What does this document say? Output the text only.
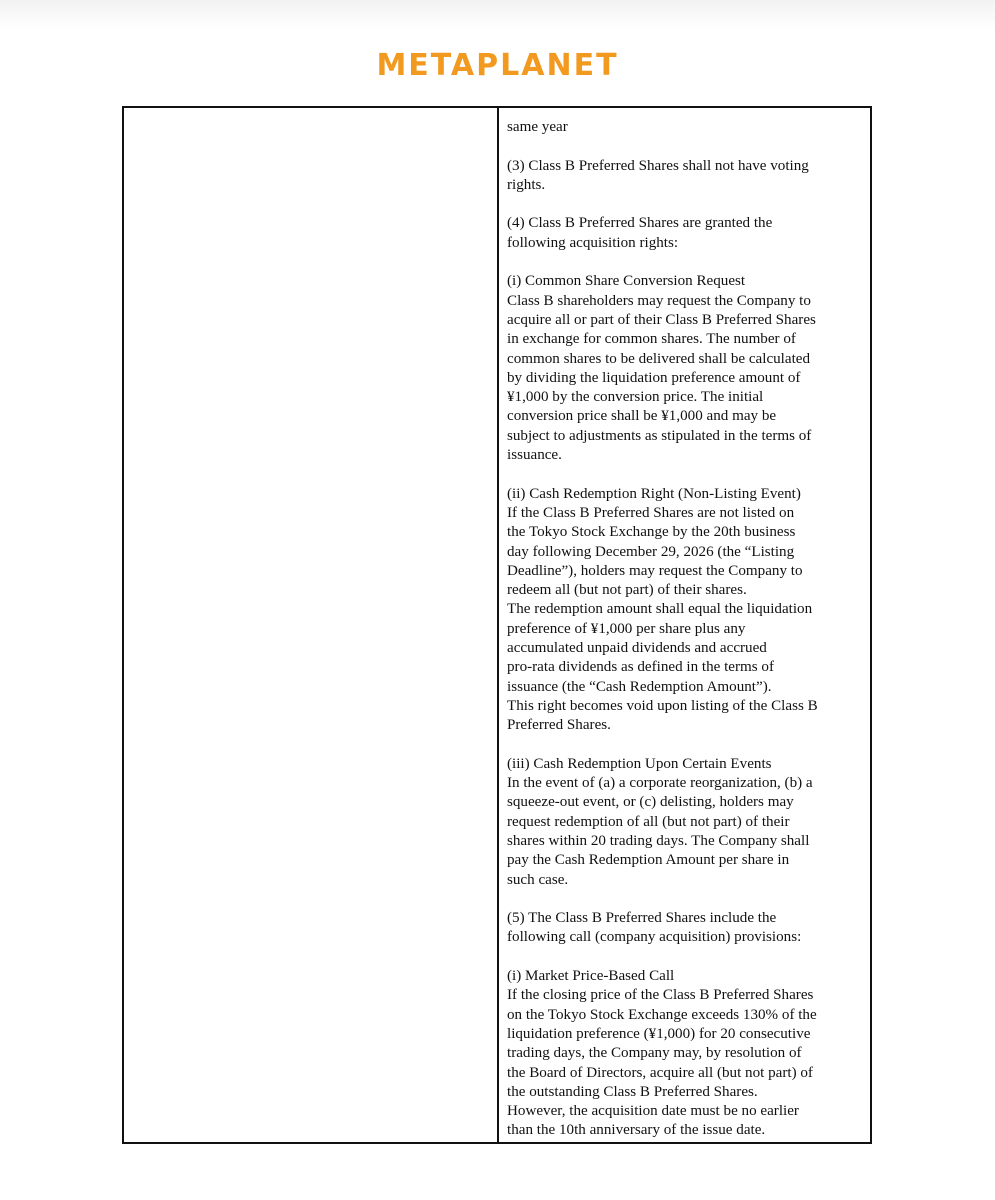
METAPLANET
same year
(3) Class B Preferred Shares shall not have voting
rights.
(4) Class B Preferred Shares are granted the
following acquisition rights:
(i) Common Share Conversion Request
Class B shareholders may request the Company to
acquire all or part of their Class B Preferred Shares
in exchange for common shares. The number of
common shares to be delivered shall be calculated
by dividing the liquidation preference amount of
¥1,000 by the conversion price. The initial
conversion price shall be ¥1,000 and may be
subject to adjustments as stipulated in the terms of
issuance.
(ii) Cash Redemption Right (Non-Listing Event)
If the Class B Preferred Shares are not listed on
the Tokyo Stock Exchange by the 20th business
day following December 29, 2026 (the “Listing
Deadline”), holders may request the Company to
redeem all (but not part) of their shares.
The redemption amount shall equal the liquidation
preference of ¥1,000 per share plus any
accumulated unpaid dividends and accrued
pro-rata dividends as defined in the terms of
issuance (the “Cash Redemption Amount”).
This right becomes void upon listing of the Class B
Preferred Shares.
(iii) Cash Redemption Upon Certain Events
In the event of (a) a corporate reorganization, (b) a
squeeze-out event, or (c) delisting, holders may
request redemption of all (but not part) of their
shares within 20 trading days. The Company shall
pay the Cash Redemption Amount per share in
such case.
(5) The Class B Preferred Shares include the
following call (company acquisition) provisions:
(i) Market Price-Based Call
If the closing price of the Class B Preferred Shares
on the Tokyo Stock Exchange exceeds 130% of the
liquidation preference (¥1,000) for 20 consecutive
trading days, the Company may, by resolution of
the Board of Directors, acquire all (but not part) of
the outstanding Class B Preferred Shares.
However, the acquisition date must be no earlier
than the 10th anniversary of the issue date.
